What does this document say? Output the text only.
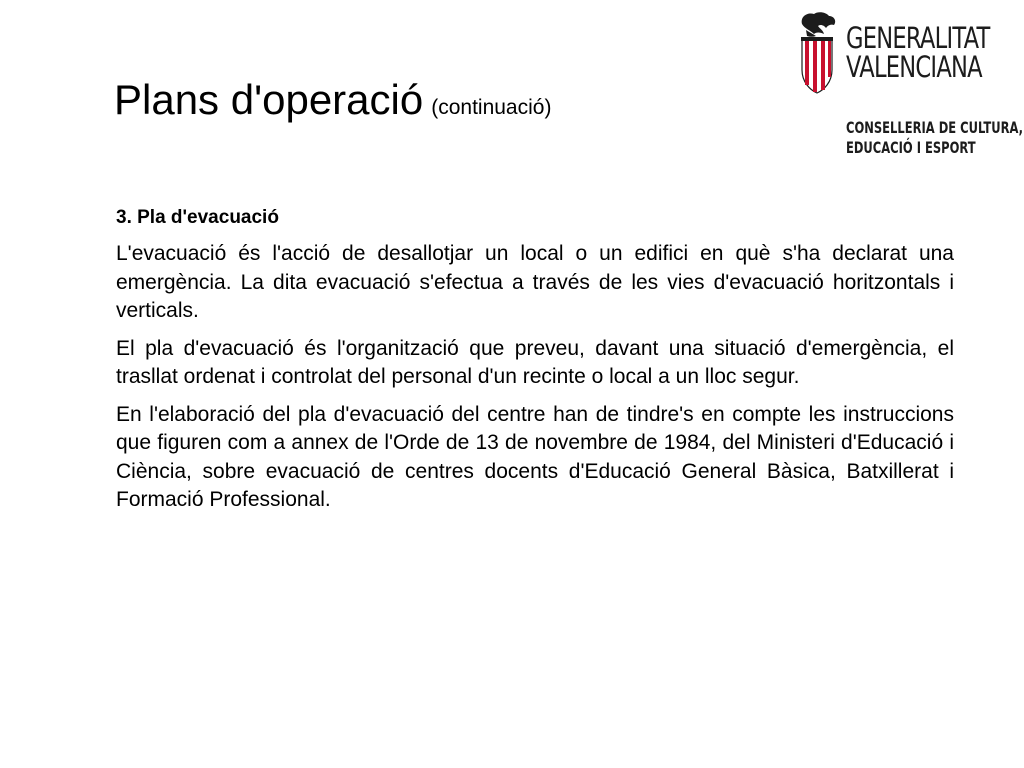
GENERALITAT
VALENCIANA
CONSELLERIA DE CULTURA,
EDUCACIÓ I ESPORT
Plans d'operació (continuació)
3. Pla d'evacuació

L'evacuació és l'acció de desallotjar un local o un edifici en què s'ha declarat una emergència. La dita evacuació s'efectua a través de les vies d'evacuació horitzontals i verticals.

El pla d'evacuació és l'organització que preveu, davant una situació d'emergència, el trasllat ordenat i controlat del personal d'un recinte o local a un lloc segur.

En l'elaboració del pla d'evacuació del centre han de tindre's en compte les instruccions que figuren com a annex de l'Orde de 13 de novembre de 1984, del Ministeri d'Educació i Ciència, sobre evacuació de centres docents d'Educació General Bàsica, Batxillerat i Formació Professional.
